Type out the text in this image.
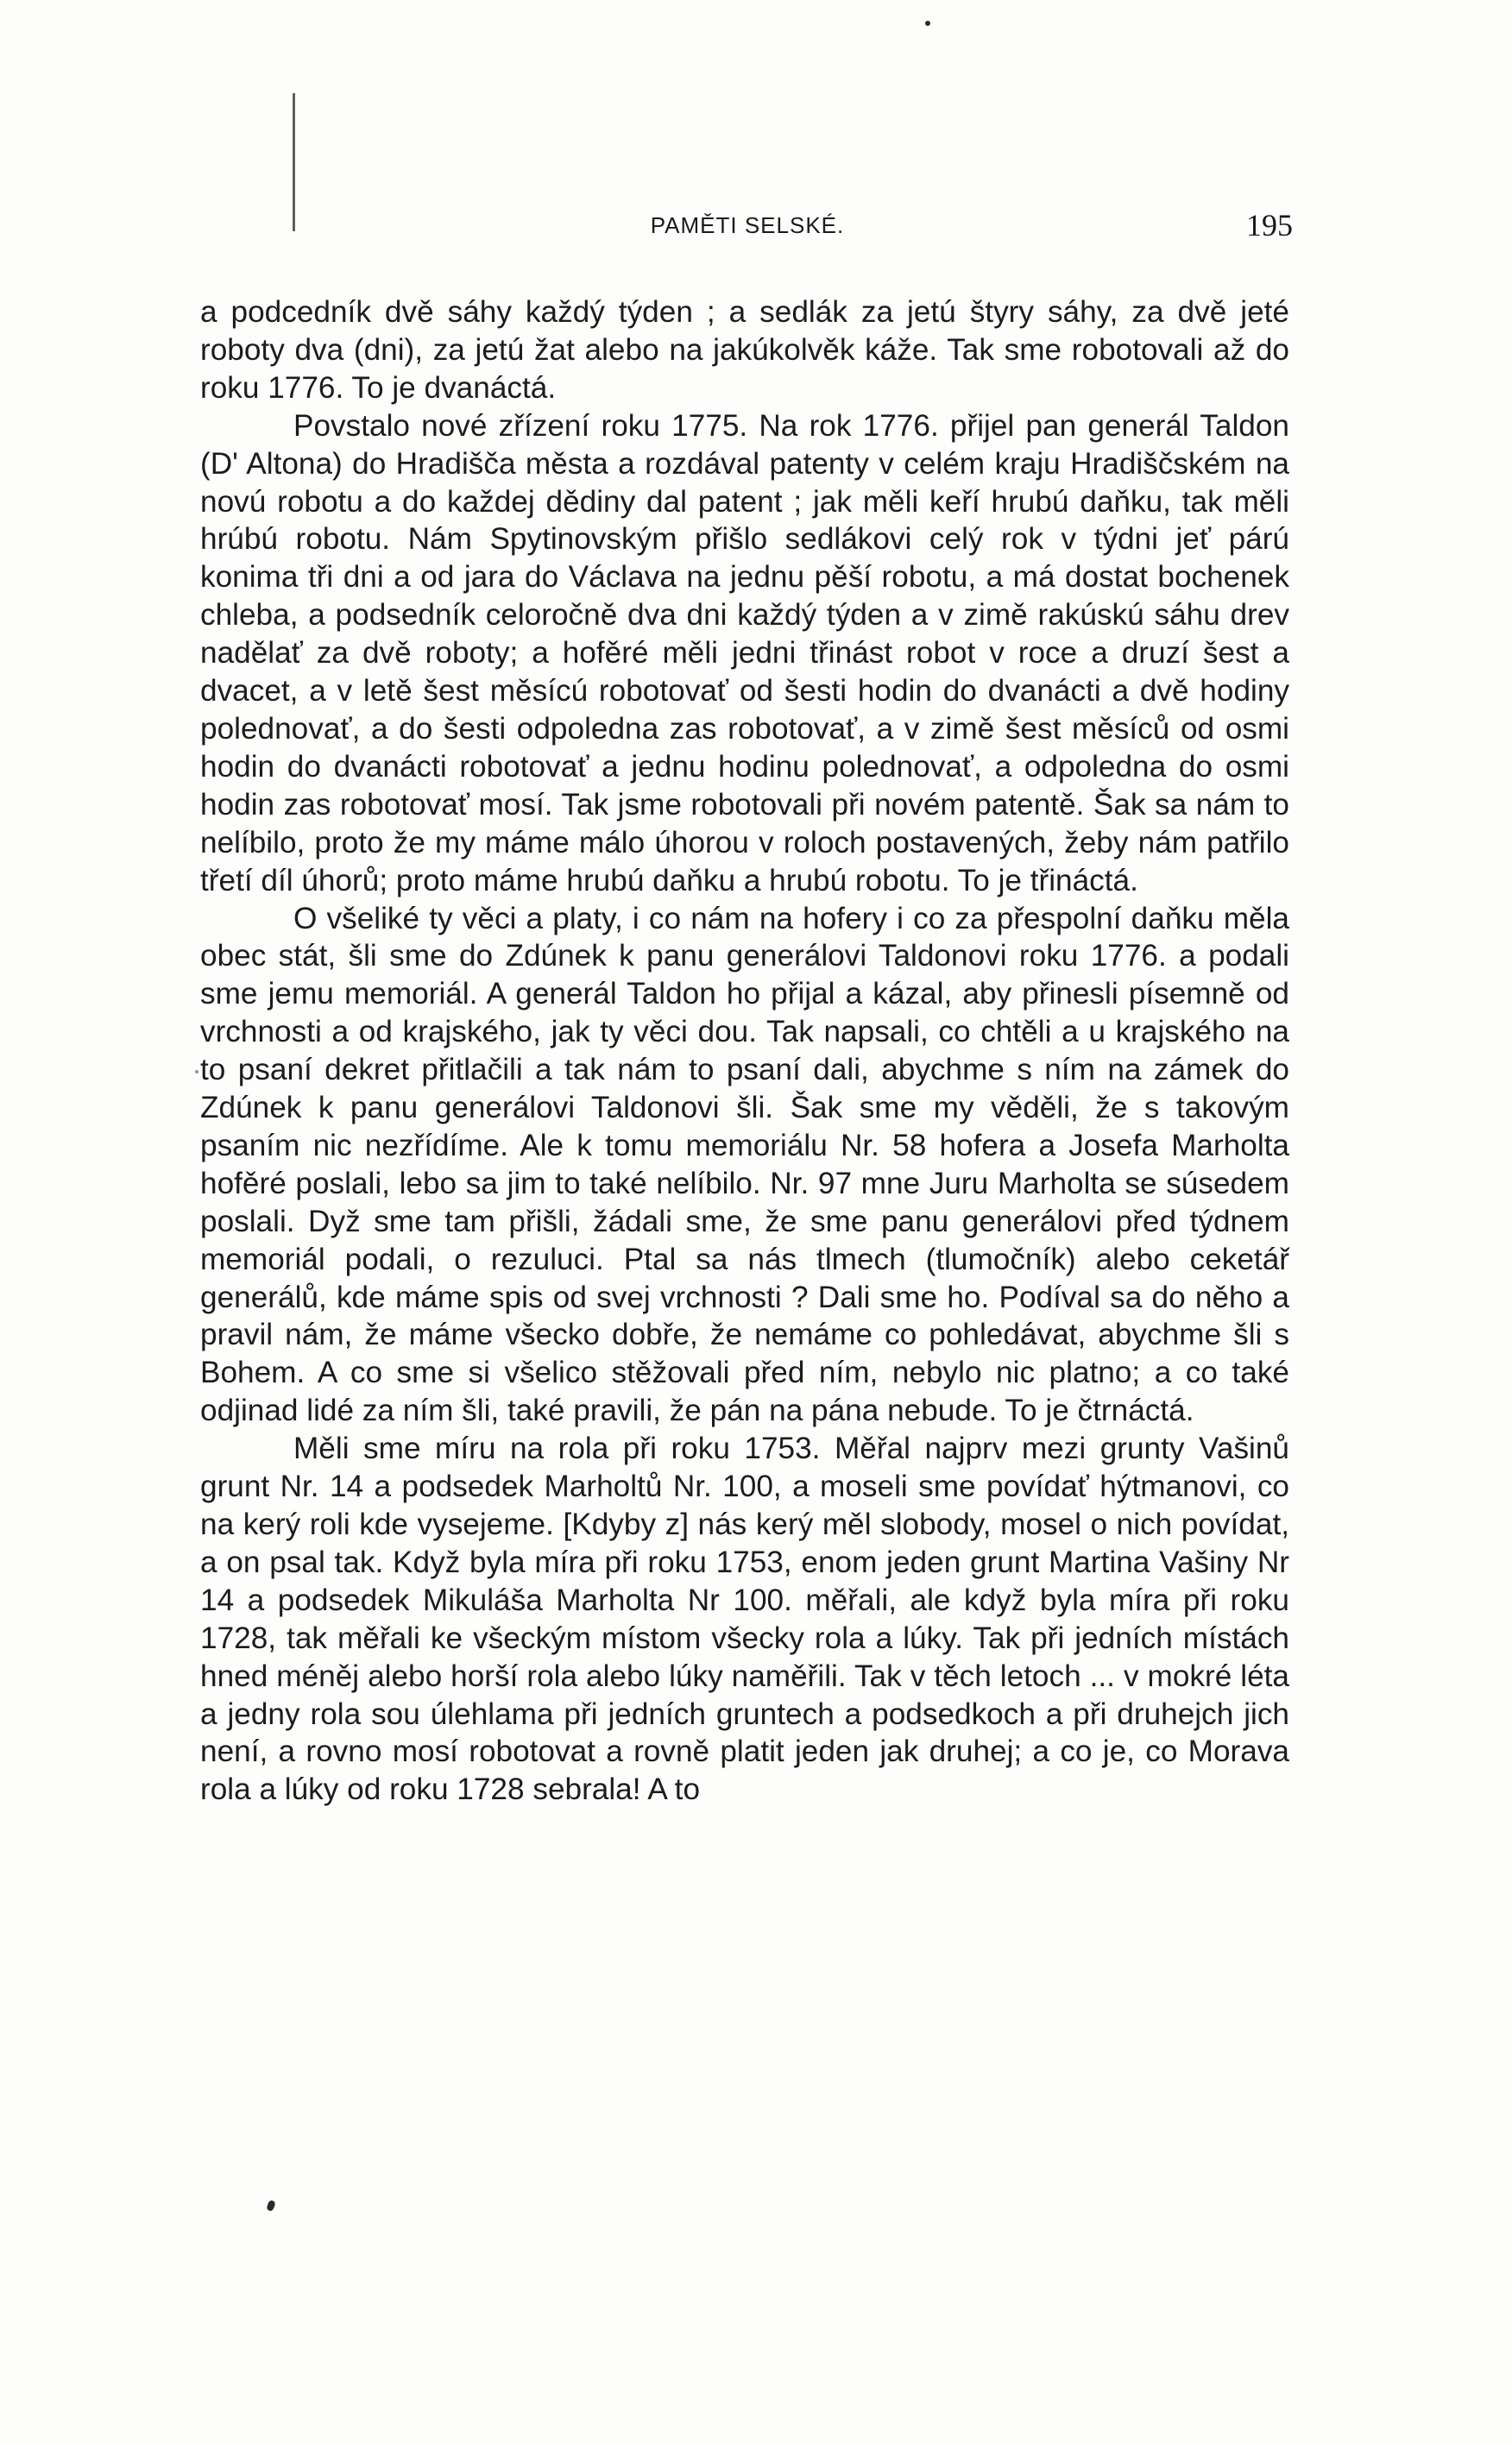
PAMĚTI SELSKÉ.	195

a podcedník dvě sáhy každý týden ; a sedlák za jetú štyry sáhy, za dvě jeté roboty dva (dni), za jetú žat alebo na jakúkolvěk káže. Tak sme robotovali až do roku 1776. To je dvanáctá.

Povstalo nové zřízení roku 1775. Na rok 1776. přijel pan generál Taldon (D' Altona) do Hradišča města a rozdával patenty v celém kraju Hradiščském na novú robotu a do každej dědiny dal patent ; jak měli keří hrubú daňku, tak měli hrúbú robotu. Nám Spytinovským přišlo sedlákovi celý rok v týdni jeť párú konima tři dni a od jara do Václava na jednu pěší robotu, a má dostat bochenek chleba, a podsedník celoročně dva dni každý týden a v zimě rakúskú sáhu drev nadělať za dvě roboty; a hofěré měli jedni třinást robot v roce a druzí šest a dvacet, a v letě šest měsícú robotovať od šesti hodin do dvanácti a dvě hodiny polednovať, a do šesti odpoledna zas robotovať, a v zimě šest měsíců od osmi hodin do dvanácti robotovať a jednu hodinu polednovať, a odpoledna do osmi hodin zas robotovať mosí. Tak jsme robotovali při novém patentě. Šak sa nám to nelíbilo, proto že my máme málo úhorou v roloch postavených, žeby nám patřilo třetí díl úhorů; proto máme hrubú daňku a hrubú robotu. To je třináctá.

O všeliké ty věci a platy, i co nám na hofery i co za přespolní daňku měla obec stát, šli sme do Zdúnek k panu generálovi Taldonovi roku 1776. a podali sme jemu memoriál. A generál Taldon ho přijal a kázal, aby přinesli písemně od vrchnosti a od krajského, jak ty věci dou. Tak napsali, co chtěli a u krajského na to psaní dekret přitlačili a tak nám to psaní dali, abychme s ním na zámek do Zdúnek k panu generálovi Taldonovi šli. Šak sme my věděli, že s takovým psaním nic nezřídíme. Ale k tomu memoriálu Nr. 58 hofera a Josefa Marholta hofěré poslali, lebo sa jim to také nelíbilo. Nr. 97 mne Juru Marholta se súsedem poslali. Dyž sme tam přišli, žádali sme, že sme panu generálovi před týdnem memoriál podali, o rezuluci. Ptal sa nás tlmech (tlumočník) alebo ceketář generálů, kde máme spis od svej vrchnosti ? Dali sme ho. Podíval sa do něho a pravil nám, že máme všecko dobře, že nemáme co pohledávat, abychme šli s Bohem. A co sme si všelico stěžovali před ním, nebylo nic platno; a co také odjinad lidé za ním šli, také pravili, že pán na pána nebude. To je čtrnáctá.

Měli sme míru na rola při roku 1753. Měřal najprv mezi grunty Vašinů grunt Nr. 14 a podsedek Marholtů Nr. 100, a moseli sme povídať hýtmanovi, co na kerý roli kde vysejeme. [Kdyby z] nás kerý měl slobody, mosel o nich povídat, a on psal tak. Když byla míra při roku 1753, enom jeden grunt Martina Vašiny Nr 14 a podsedek Mikuláša Marholta Nr 100. měřali, ale když byla míra při roku 1728, tak měřali ke všeckým místom všecky rola a lúky. Tak při jedních místách hned méněj alebo horší rola alebo lúky naměřili. Tak v těch letoch ... v mokré léta a jedny rola sou úlehlama při jedních gruntech a podsedkoch a při druhejch jich není, a rovno mosí robotovat a rovně platit jeden jak druhej; a co je, co Morava rola a lúky od roku 1728 sebrala! A to
